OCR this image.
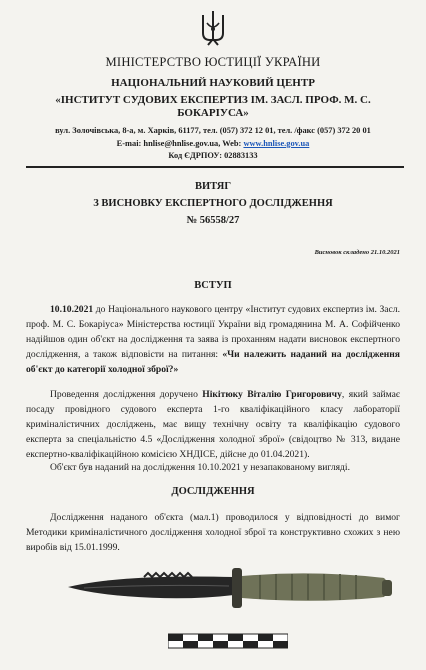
МІНІСТЕРСТВО ЮСТИЦІЇ УКРАЇНИ
НАЦІОНАЛЬНИЙ НАУКОВИЙ ЦЕНТР
«ІНСТИТУТ СУДОВИХ ЕКСПЕРТИЗ ІМ. ЗАСЛ. ПРОФ. М. С.
БОКАРІУСА»
вул. Золочівська, 8-а, м. Харків, 61177, тел. (057) 372 12 01, тел. /факс (057) 372 20 01
E-mai: hnlise@hnlise.gov.ua, Web: www.hnlise.gov.ua
Код ЄДРПОУ: 02883133
ВИТЯГ
З ВИСНОВКУ ЕКСПЕРТНОГО ДОСЛІДЖЕННЯ
№ 56558/27
Висновок складено 21.10.2021
ВСТУП
10.10.2021 до Національного наукового центру «Інститут судових експертиз ім. Засл. проф. М. С. Бокаріуса» Міністерства юстиції України від громадянина М. А. Софійченко надійшов один об'єкт на дослідження та заява із проханням надати висновок експертного дослідження, а також відповісти на питання: «Чи належить наданий на дослідження об'єкт до категорії холодної зброї?»
Проведення дослідження доручено Нікітюку Віталію Григоровичу, який займає посаду провідного судового експерта 1-го кваліфікаційного класу лабораторії криміналістичних досліджень, має вищу технічну освіту та кваліфікацію судового експерта за спеціальністю 4.5 «Дослідження холодної зброї» (свідоцтво № 313, видане експертно-кваліфікаційною комісією ХНДІСЕ, дійсне до 01.04.2021).
Об'єкт був наданий на дослідження 10.10.2021 у незапакованому вигляді.
ДОСЛІДЖЕННЯ
Дослідження наданого об'єкта (мал.1) проводилося у відповідності до вимог Методики криміналістичного дослідження холодної зброї та конструктивно схожих з нею виробів від 15.01.1999.
